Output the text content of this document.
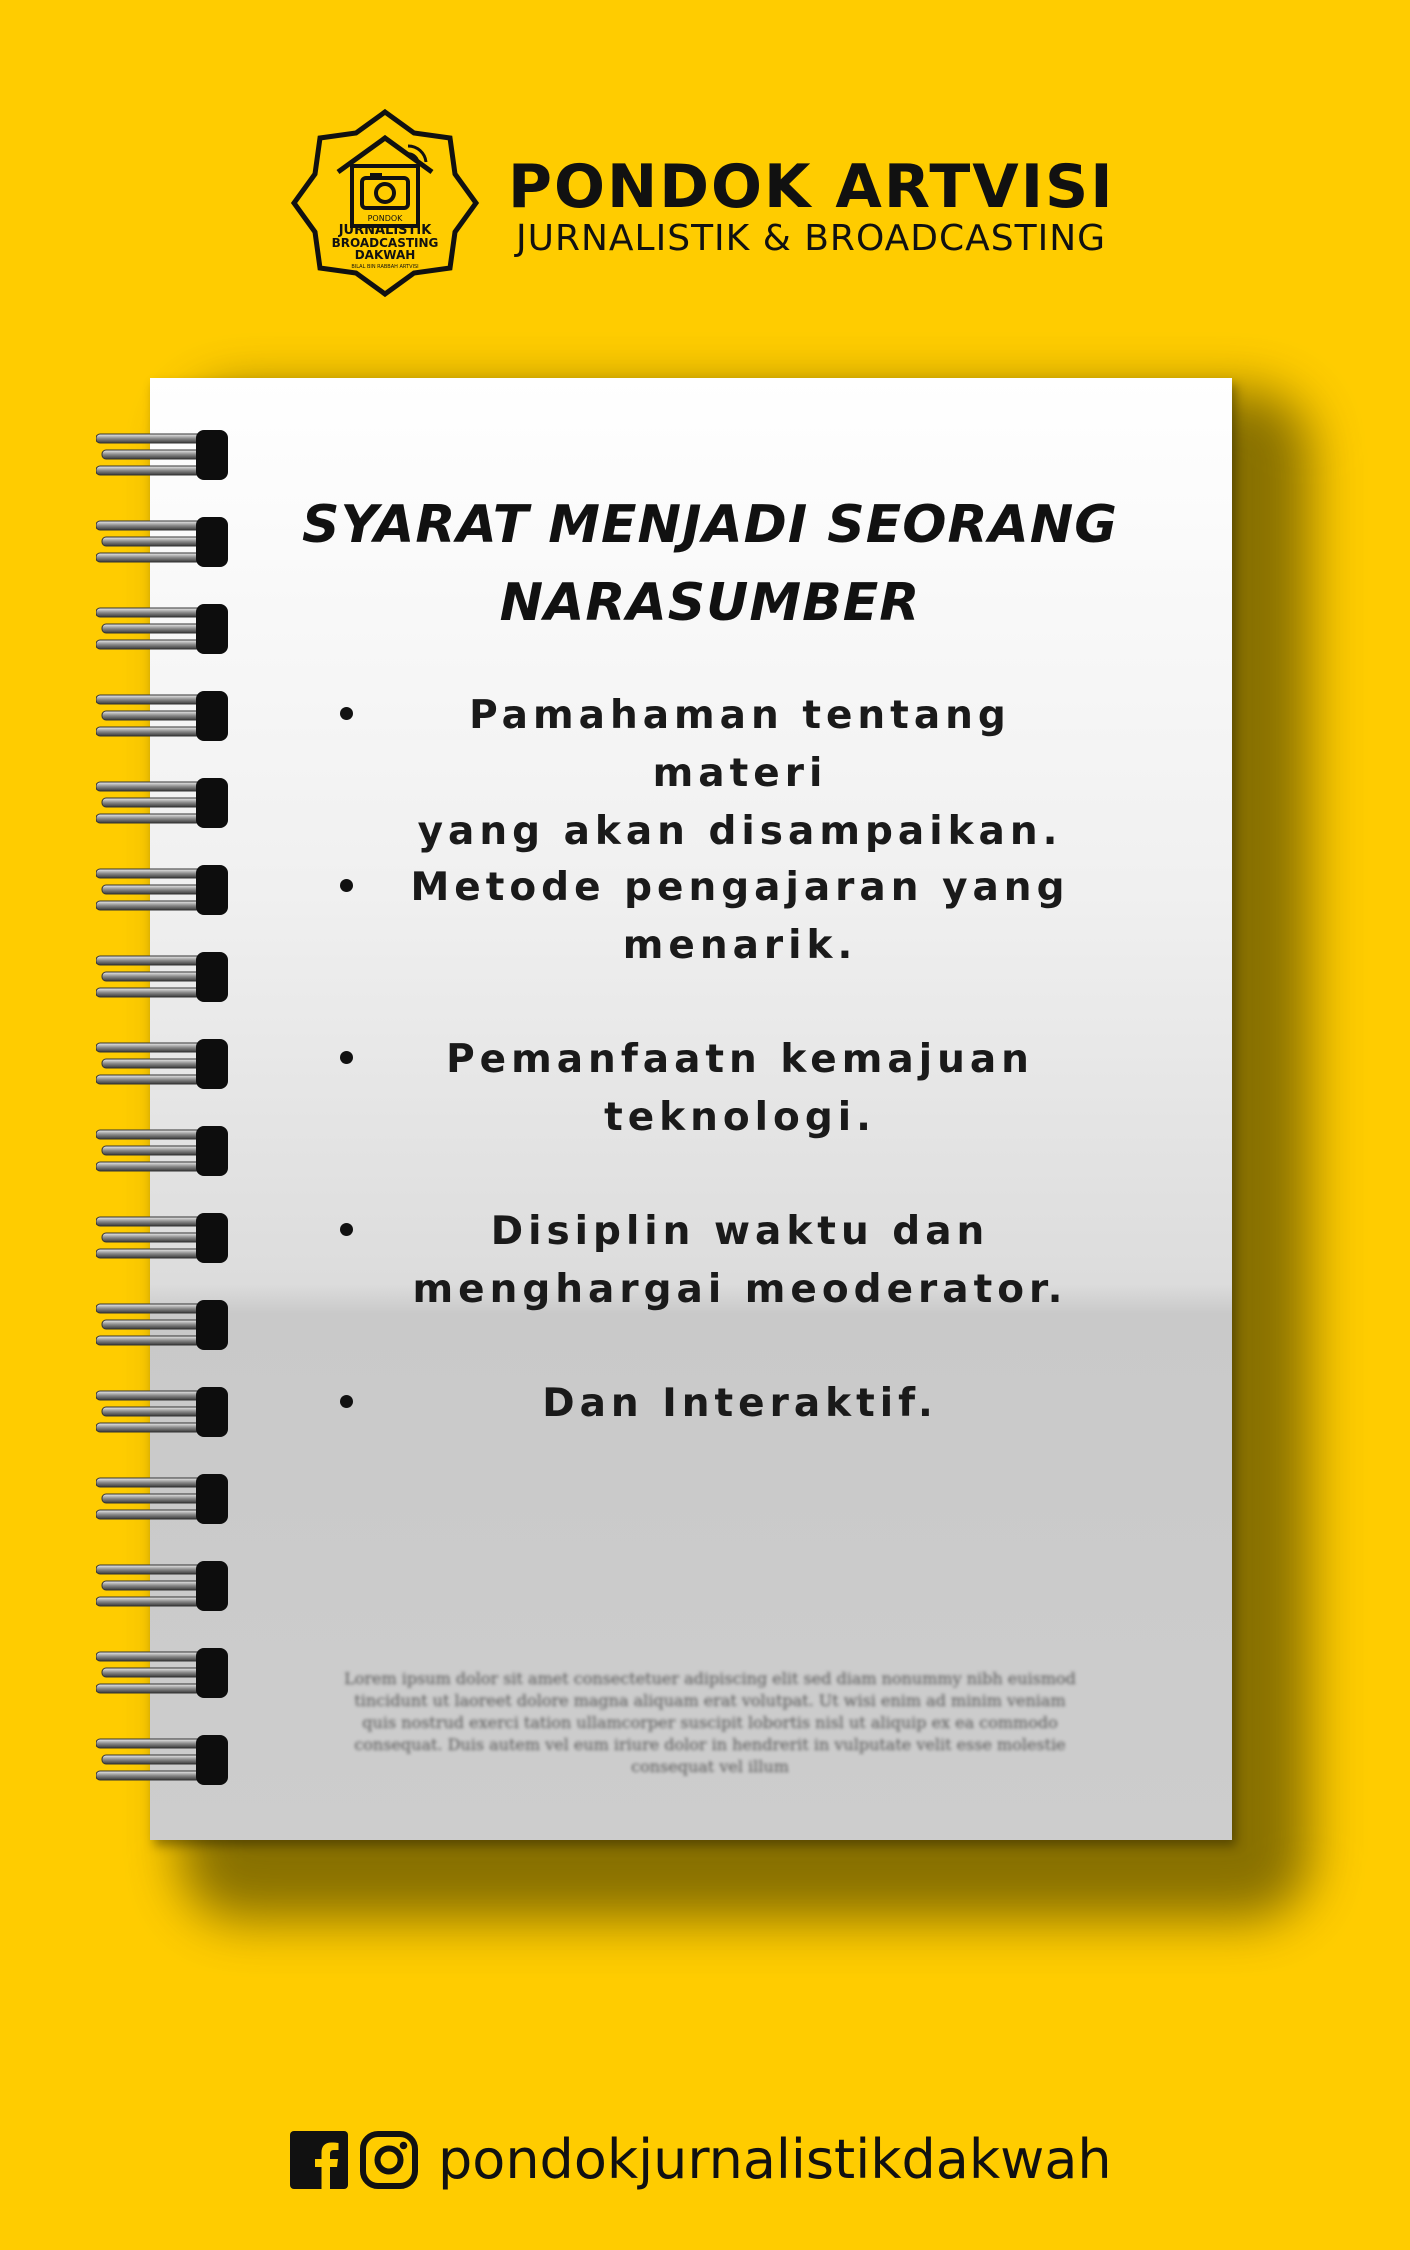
PONDOK
JURNALISTIK
BROADCASTING
DAKWAH
BILAL BIN RABBAH ARTVISI
PONDOK ARTVISI
JURNALISTIK & BROADCASTING
SYARAT MENJADI SEORANG
NARASUMBER
Pamahaman tentang materi
yang akan disampaikan.
Metode pengajaran yang
menarik.
Pemanfaatn kemajuan
teknologi.
Disiplin waktu dan
menghargai meoderator.
Dan Interaktif.
Lorem ipsum dolor sit amet consectetuer adipiscing elit sed diam nonummy nibh euismod tincidunt ut laoreet dolore magna aliquam erat volutpat. Ut wisi enim ad minim veniam quis nostrud exerci tation ullamcorper suscipit lobortis nisl ut aliquip ex ea commodo consequat. Duis autem vel eum iriure dolor in hendrerit in vulputate velit esse molestie consequat vel illum
pondokjurnalistikdakwah
